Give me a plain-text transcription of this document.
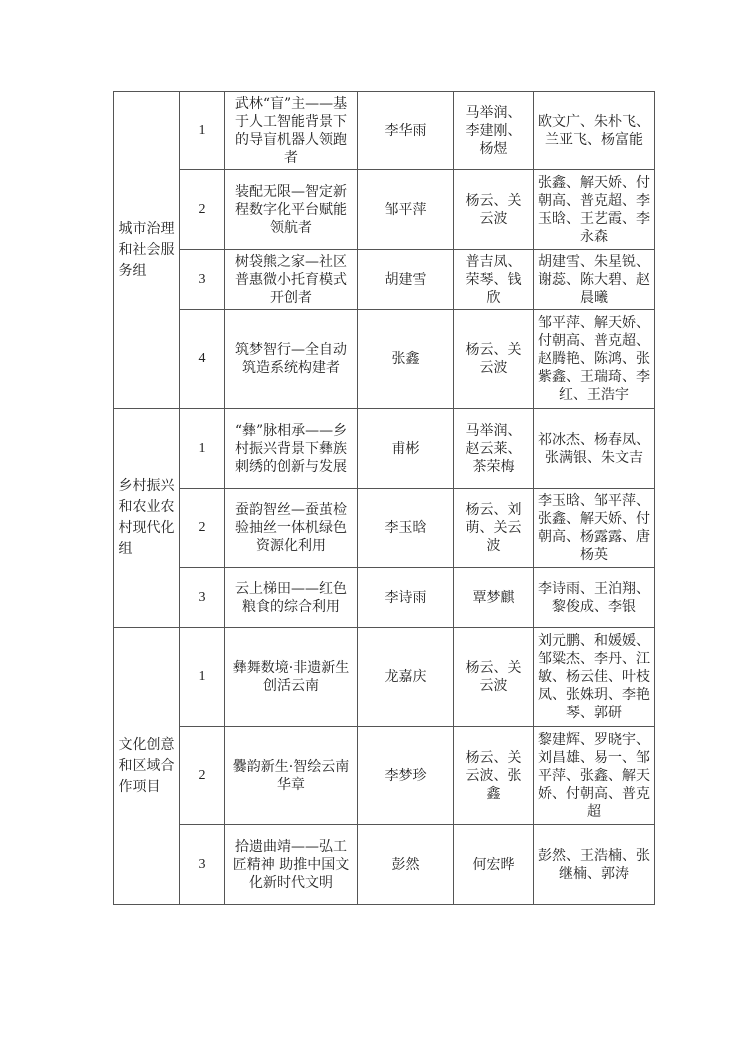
城市治理和社会服务组	1	武林“盲”主——基于人工智能背景下的导盲机器人领跑者	李华雨	马举润、李建刚、杨煜	欧文广、朱朴飞、兰亚飞、杨富能
	2	装配无限—智定新程数字化平台赋能领航者	邹平萍	杨云、关云波	张鑫、解天娇、付朝高、普克超、李玉晗、王艺霞、李永森
	3	树袋熊之家—社区普惠微小托育模式开创者	胡建雪	普吉凤、荣琴、钱欣	胡建雪、朱星锐、谢蕊、陈大碧、赵晨曦
	4	筑梦智行—全自动筑造系统构建者	张鑫	杨云、关云波	邹平萍、解天娇、付朝高、普克超、赵腾艳、陈鸿、张紫鑫、王瑞琦、李红、王浩宇
乡村振兴和农业农村现代化组	1	“彝”脉相承——乡村振兴背景下彝族刺绣的创新与发展	甫彬	马举润、赵云莱、茶荣梅	祁冰杰、杨春凤、张满银、朱文吉
	2	蚕韵智丝—蚕茧检验抽丝一体机绿色资源化利用	李玉晗	杨云、刘萌、关云波	李玉晗、邹平萍、张鑫、解天娇、付朝高、杨露露、唐杨英
	3	云上梯田——红色粮食的综合利用	李诗雨	覃梦麒	李诗雨、王泊翔、黎俊成、李银
文化创意和区域合作项目	1	彝舞数境·非遗新生创活云南	龙嘉庆	杨云、关云波	刘元鹏、和媛媛、邹粱杰、李丹、江敏、杨云佳、叶枝凤、张姝玥、李艳琴、郭研
	2	爨韵新生·智绘云南华章	李梦珍	杨云、关云波、张鑫	黎建辉、罗晓宇、刘昌雄、易一、邹平萍、张鑫、解天娇、付朝高、普克超
	3	拾遗曲靖——弘工匠精神 助推中国文化新时代文明	彭然	何宏晔	彭然、王浩楠、张继楠、郭涛
